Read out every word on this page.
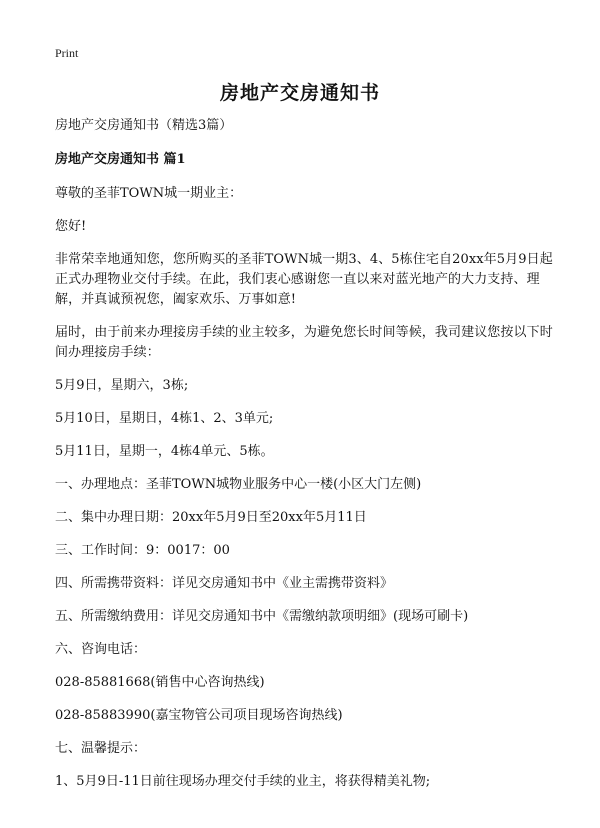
Print
房地产交房通知书
房地产交房通知书（精选3篇）
房地产交房通知书 篇1
尊敬的圣菲TOWN城一期业主：
您好!
非常荣幸地通知您，您所购买的圣菲TOWN城一期3、4、5栋住宅自20xx年5月9日起正式办理物业交付手续。在此，我们衷心感谢您一直以来对蓝光地产的大力支持、理解，并真诚预祝您，阖家欢乐、万事如意!
届时，由于前来办理接房手续的业主较多，为避免您长时间等候，我司建议您按以下时间办理接房手续：
5月9日，星期六，3栋;
5月10日，星期日，4栋1、2、3单元;
5月11日，星期一，4栋4单元、5栋。
一、办理地点：圣菲TOWN城物业服务中心一楼(小区大门左侧)
二、集中办理日期：20xx年5月9日至20xx年5月11日
三、工作时间：9：0017：00
四、所需携带资料：详见交房通知书中《业主需携带资料》
五、所需缴纳费用：详见交房通知书中《需缴纳款项明细》(现场可刷卡)
六、咨询电话：
028-85881668(销售中心咨询热线)
028-85883990(嘉宝物管公司项目现场咨询热线)
七、温馨提示：
1、5月9日-11日前往现场办理交付手续的业主，将获得精美礼物;
